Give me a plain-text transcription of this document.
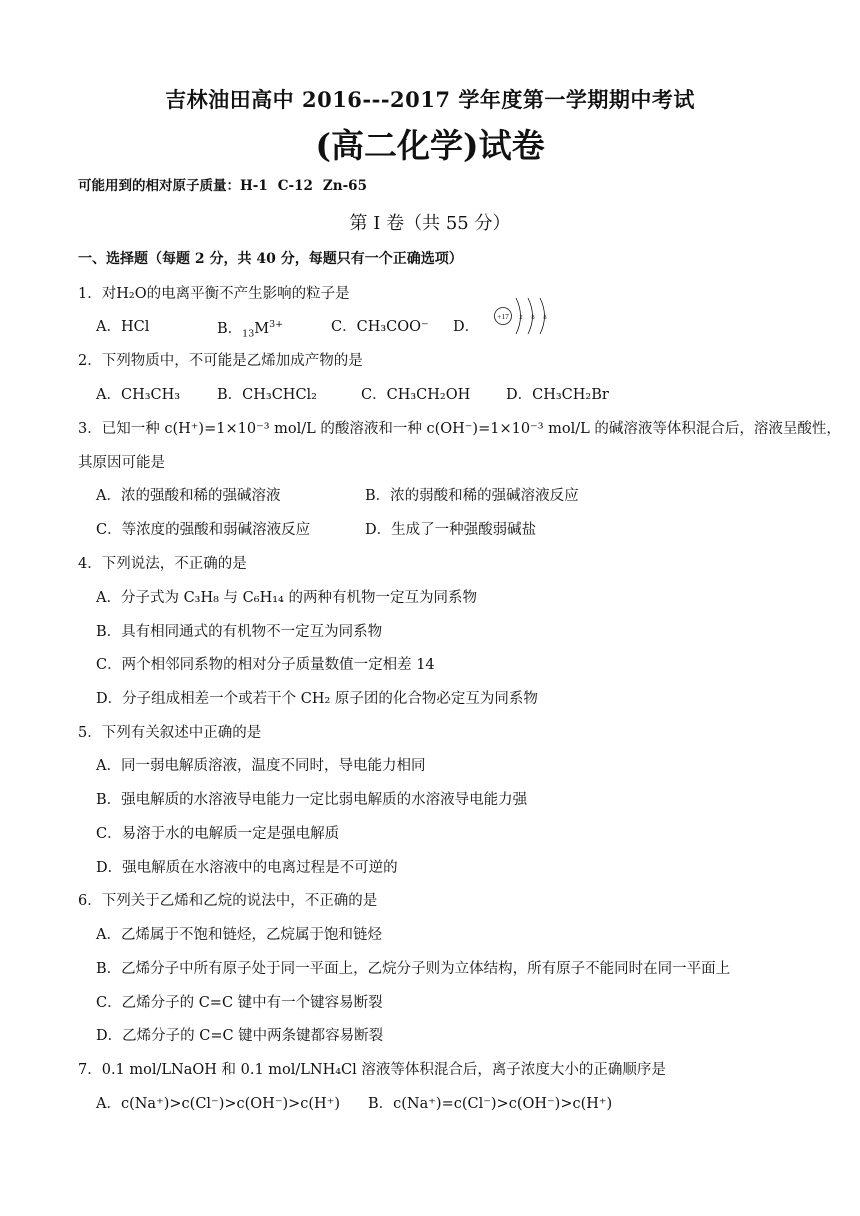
吉林油田高中 2016---2017 学年度第一学期期中考试
(高二化学)试卷
可能用到的相对原子质量：H-1 C-12 Zn-65
第 I 卷（共 55 分）
一、选择题（每题 2 分，共 40 分，每题只有一个正确选项）
1．对H₂O的电离平衡不产生影响的粒子是
A．HCl	B．$_{13}M^{3+}$	C．CH₃COO⁻ D．
+17 2 8 8
2．下列物质中，不可能是乙烯加成产物的是
A．CH₃CH₃	B．CH₃CHCl₂	C．CH₃CH₂OH D．CH₃CH₂Br
3．已知一种 c(H⁺)=1×10⁻³ mol/L 的酸溶液和一种 c(OH⁻)=1×10⁻³ mol/L 的碱溶液等体积混合后，溶液呈酸性，
其原因可能是
A．浓的强酸和稀的强碱溶液	B．浓的弱酸和稀的强碱溶液反应
C．等浓度的强酸和弱碱溶液反应	D．生成了一种强酸弱碱盐
4．下列说法，不正确的是
A．分子式为 C₃H₈ 与 C₆H₁₄ 的两种有机物一定互为同系物
B．具有相同通式的有机物不一定互为同系物
C．两个相邻同系物的相对分子质量数值一定相差 14
D．分子组成相差一个或若干个 CH₂ 原子团的化合物必定互为同系物
5．下列有关叙述中正确的是
A．同一弱电解质溶液，温度不同时，导电能力相同
B．强电解质的水溶液导电能力一定比弱电解质的水溶液导电能力强
C．易溶于水的电解质一定是强电解质
D．强电解质在水溶液中的电离过程是不可逆的
6．下列关于乙烯和乙烷的说法中，不正确的是
A．乙烯属于不饱和链烃，乙烷属于饱和链烃
B．乙烯分子中所有原子处于同一平面上，乙烷分子则为立体结构，所有原子不能同时在同一平面上
C．乙烯分子的 C=C 键中有一个键容易断裂
D．乙烯分子的 C=C 键中两条键都容易断裂
7．0.1 mol/LNaOH 和 0.1 mol/LNH₄Cl 溶液等体积混合后，离子浓度大小的正确顺序是
A．c(Na⁺)>c(Cl⁻)>c(OH⁻)>c(H⁺) B．c(Na⁺)=c(Cl⁻)>c(OH⁻)>c(H⁺)
